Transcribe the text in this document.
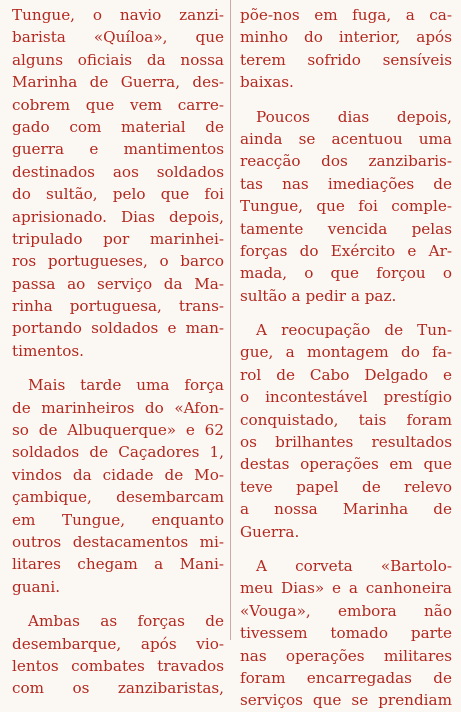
Tungue, o navio zanzi-
barista «Quíloa», que
alguns oficiais da nossa
Marinha de Guerra, des-
cobrem que vem carre-
gado com material de
guerra e mantimentos
destinados aos soldados
do sultão, pelo que foi
aprisionado. Dias depois,
tripulado por marinhei-
ros portugueses, o barco
passa ao serviço da Ma-
rinha portuguesa, trans-
portando soldados e man-
timentos.
Mais tarde uma força
de marinheiros do «Afon-
so de Albuquerque» e 62
soldados de Caçadores 1,
vindos da cidade de Mo-
çambique, desembarcam
em Tungue, enquanto
outros destacamentos mi-
litares chegam a Mani-
guani.
Ambas as forças de
desembarque, após vio-
lentos combates travados
com os zanzibaristas,
põe-nos em fuga, a ca-
minho do interior, após
terem sofrido sensíveis
baixas.
Poucos dias depois,
ainda se acentuou uma
reacção dos zanzibaris-
tas nas imediações de
Tungue, que foi comple-
tamente vencida pelas
forças do Exército e Ar-
mada, o que forçou o
sultão a pedir a paz.
A reocupação de Tun-
gue, a montagem do fa-
rol de Cabo Delgado e
o incontestável prestígio
conquistado, tais foram
os brilhantes resultados
destas operações em que
teve papel de relevo
a nossa Marinha de
Guerra.
A corveta «Bartolo-
meu Dias» e a canhoneira
«Vouga», embora não
tivessem tomado parte
nas operações militares
foram encarregadas de
serviços que se prendiam
